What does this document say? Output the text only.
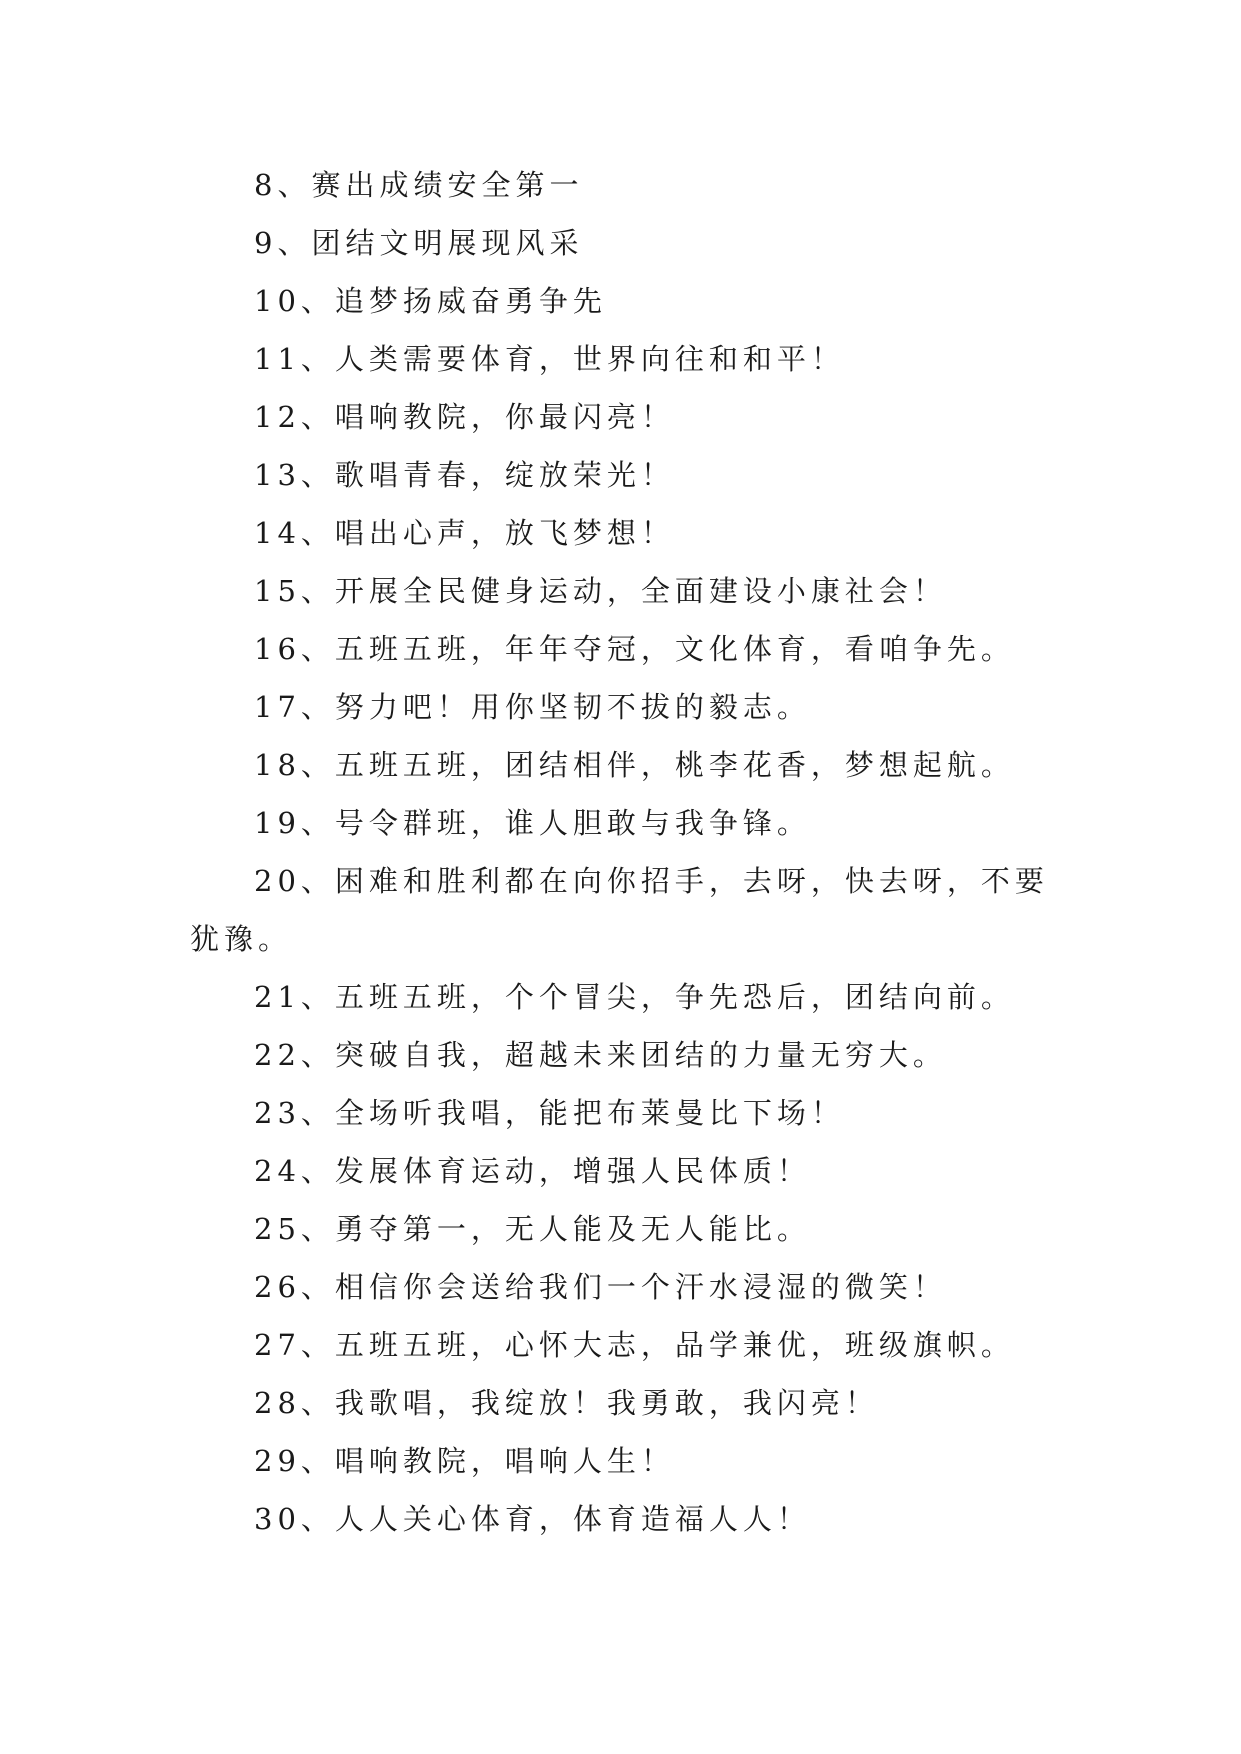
8、赛出成绩安全第一

9、团结文明展现风采

10、追梦扬威奋勇争先

11、人类需要体育，世界向往和和平！

12、唱响教院，你最闪亮！

13、歌唱青春，绽放荣光！

14、唱出心声，放飞梦想！

15、开展全民健身运动，全面建设小康社会！

16、五班五班，年年夺冠，文化体育，看咱争先。

17、努力吧！用你坚韧不拔的毅志。

18、五班五班，团结相伴，桃李花香，梦想起航。

19、号令群班，谁人胆敢与我争锋。

20、困难和胜利都在向你招手，去呀，快去呀，不要犹豫。

21、五班五班，个个冒尖，争先恐后，团结向前。

22、突破自我，超越未来团结的力量无穷大。

23、全场听我唱，能把布莱曼比下场！

24、发展体育运动，增强人民体质！

25、勇夺第一，无人能及无人能比。

26、相信你会送给我们一个汗水浸湿的微笑！

27、五班五班，心怀大志，品学兼优，班级旗帜。

28、我歌唱，我绽放！我勇敢，我闪亮！

29、唱响教院，唱响人生！

30、人人关心体育，体育造福人人！
